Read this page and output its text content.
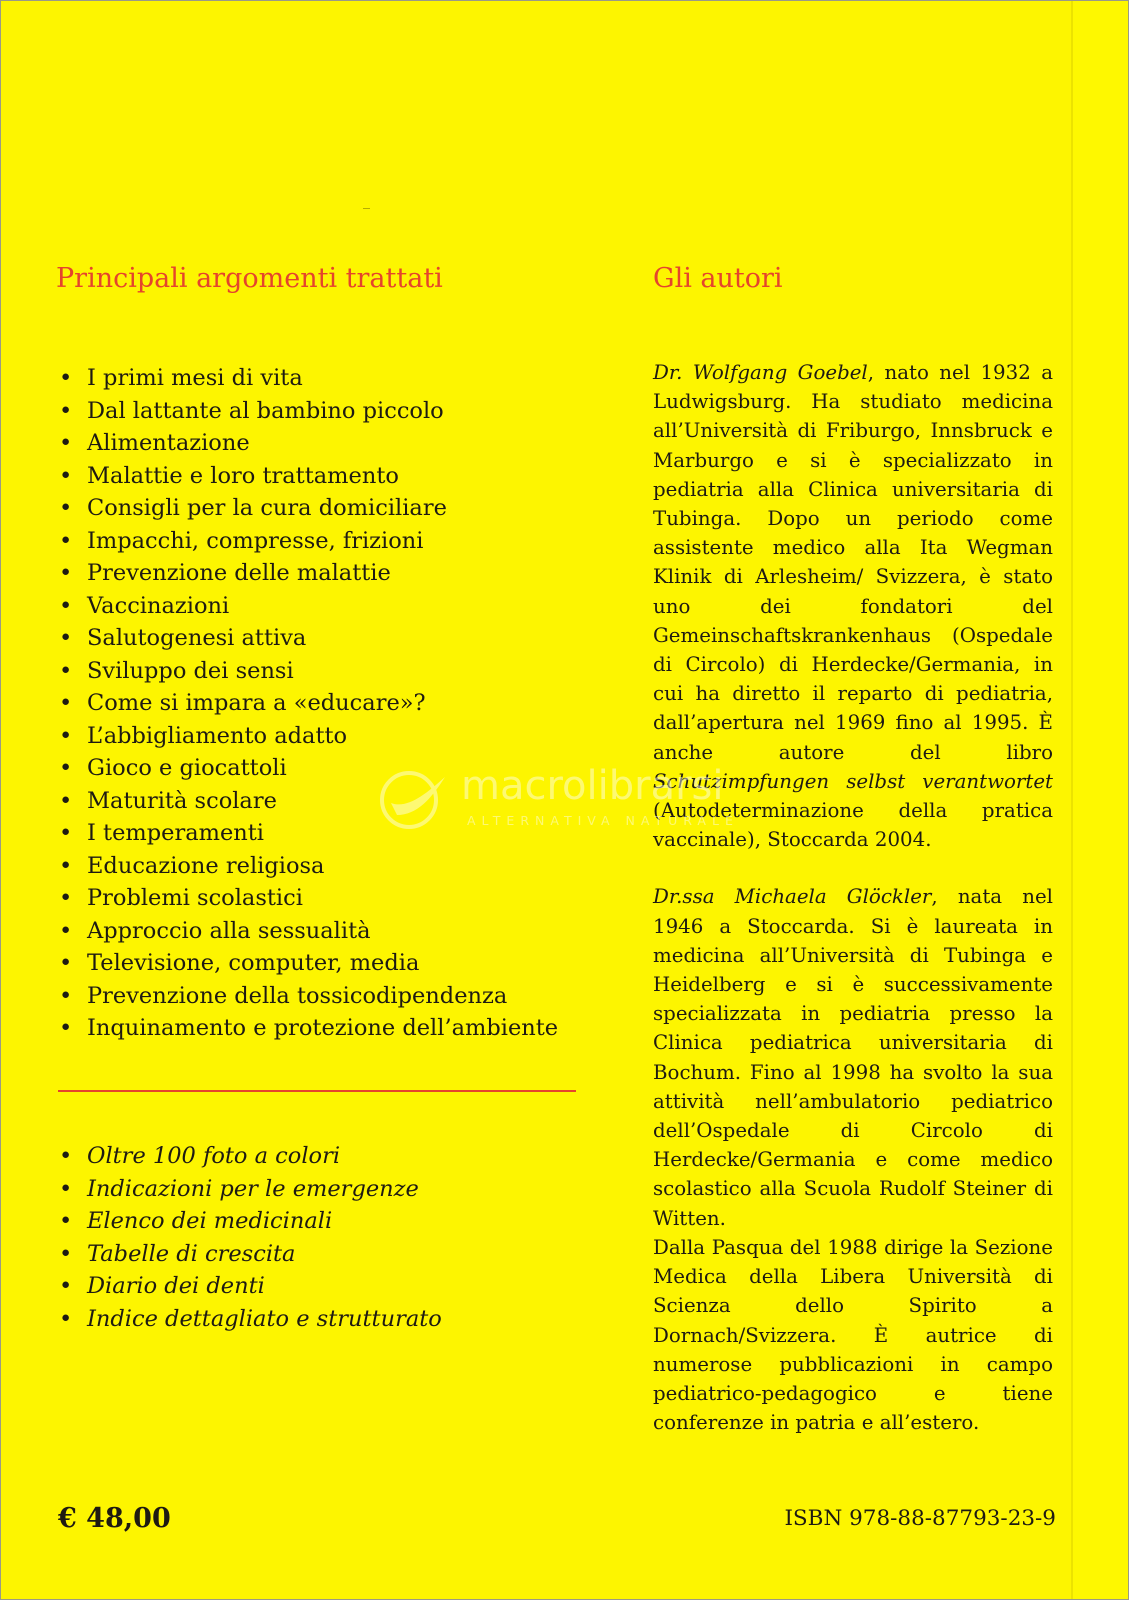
Principali argomenti trattati	Gli autori
• I primi mesi di vita
• Dal lattante al bambino piccolo
• Alimentazione
• Malattie e loro trattamento
• Consigli per la cura domiciliare
• Impacchi, compresse, frizioni
• Prevenzione delle malattie
• Vaccinazioni
• Salutogenesi attiva
• Sviluppo dei sensi
• Come si impara a «educare»?
• L’abbigliamento adatto
• Gioco e giocattoli
• Maturità scolare
• I temperamenti
• Educazione religiosa
• Problemi scolastici
• Approccio alla sessualità
• Televisione, computer, media
• Prevenzione della tossicodipendenza
• Inquinamento e protezione dell’ambiente
• Oltre 100 foto a colori
• Indicazioni per le emergenze
• Elenco dei medicinali
• Tabelle di crescita
• Diario dei denti
• Indice dettagliato e strutturato

Dr. Wolfgang Goebel, nato nel 1932 a Ludwigsburg. Ha studiato medicina all’Università di Friburgo, Innsbruck e Marburgo e si è specializzato in pediatria alla Clinica universitaria di Tubinga. Dopo un periodo come assistente medico alla Ita Wegman Klinik di Arlesheim/ Svizzera, è stato uno dei fondatori del Gemeinschaftskrankenhaus (Ospedale di Circolo) di Herdecke/Germania, in cui ha diretto il reparto di pediatria, dall’apertura nel 1969 fino al 1995. È anche autore del libro Schutzimpfungen selbst verantwortet (Autodeterminazione della pratica vaccinale), Stoccarda 2004.

Dr.ssa Michaela Glöckler, nata nel 1946 a Stoccarda. Si è laureata in medicina all’Università di Tubinga e Heidelberg e si è successivamente specializzata in pediatria presso la Clinica pediatrica universitaria di Bochum. Fino al 1998 ha svolto la sua attività nell’ambulatorio pediatrico dell’Ospedale di Circolo di Herdecke/Germania e come medico scolastico alla Scuola Rudolf Steiner di Witten.

Dalla Pasqua del 1988 dirige la Sezione Medica della Libera Università di Scienza dello Spirito a Dornach/Svizzera. È autrice di numerose pubblicazioni in campo pediatrico-pedagogico e tiene conferenze in patria e all’estero.

macrolibrarsi
ALTERNATIVA NATURALE
€ 48,00	ISBN 978-88-87793-23-9
